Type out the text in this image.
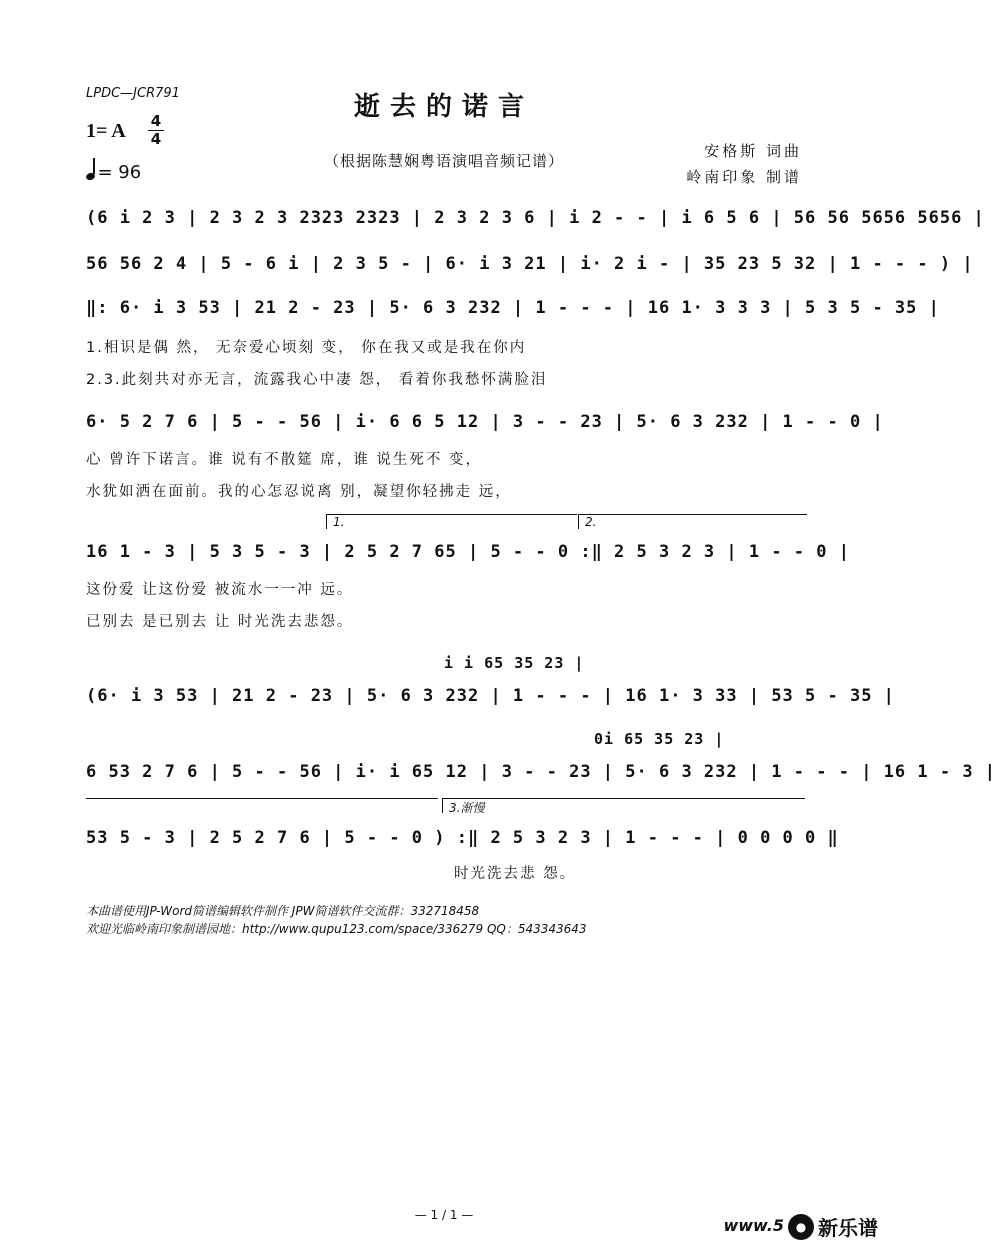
LPDC—JCR791	逝去的诺言
1= A 4
4
= 96
（根据陈慧娴粤语演唱音频记谱）
安格斯 词曲
岭南印象 制谱
(6 i 2 3 | 2 3 2 3 2323 2323 | 2 3 2 3 6 | i 2 - - | i 6 5 6 | 56 56 5656 5656 |
56 56 2 4 | 5 - 6 i | 2 3 5 - | 6· i 3 21 | i· 2 i - | 35 23 5 32 | 1 - - - ) |
‖: 6· i 3 53 | 21 2 - 23 | 5· 6 3 232 | 1 - - - | 16 1· 3 3 3 | 5 3 5 - 35 |
1.相识是偶 然， 无奈爱心顷刻 变， 你在我又或是我在你内
2.3.此刻共对亦无言，流露我心中凄 怨， 看着你我愁怀满脸泪
6· 5 2 7 6 | 5 - - 56 | i· 6 6 5 12 | 3 - - 23 | 5· 6 3 232 | 1 - - 0 |
心 曾许下诺言。谁 说有不散筵 席，谁 说生死不 变，
水犹如洒在面前。我的心怎忍说离 别，凝望你轻拂走 远，
1.	2.
16 1 - 3 | 5 3 5 - 3 | 2 5 2 7 65 | 5 - - 0 :‖ 2 5 3 2 3 | 1 - - 0 |
这份爱 让这份爱 被流水一一冲 远。
已别去 是已别去 让 时光洗去悲怨。
i i 65 35 23 |
(6· i 3 53 | 21 2 - 23 | 5· 6 3 232 | 1 - - - | 16 1· 3 33 | 53 5 - 35 |
0i 65 35 23 |
6 53 2 7 6 | 5 - - 56 | i· i 65 12 | 3 - - 23 | 5· 6 3 232 | 1 - - - | 16 1 - 3 |
3.渐慢
53 5 - 3 | 2 5 2 7 6 | 5 - - 0 ) :‖ 2 5 3 2 3 | 1 - - - | 0 0 0 0 ‖
时光洗去悲 怨。
本曲谱使用JP-Word简谱编辑软件制作 JPW简谱软件交流群：332718458
欢迎光临岭南印象制谱园地：http://www.qupu123.com/space/336279 QQ：543343643
— 1 / 1 —
www.5 ● 新乐谱
